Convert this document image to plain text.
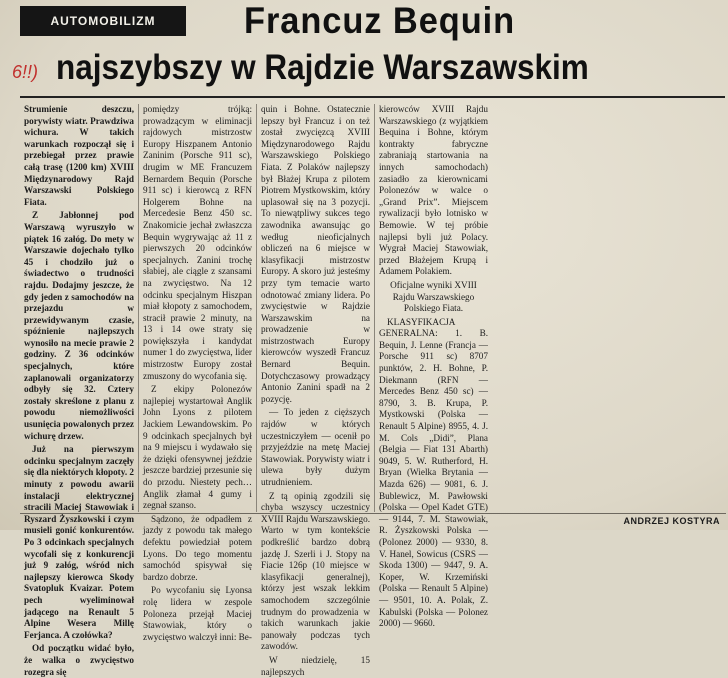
AUTOMOBILIZM	Francuz Bequin
6!!) najszybszy w Rajdzie Warszawskim

Strumienie deszczu, porywisty wiatr. Prawdziwa wichura. W takich warunkach rozpoczął się i przebiegał przez prawie całą trasę (1200 km) XVIII Międzynarodowy Rajd Warszawski Polskiego Fiata.

Z Jabłonnej pod Warszawą wyruszyło w piątek 16 załóg. Do mety w Warszawie dojechało tylko 45 i chodziło już o świadectwo o trudności rajdu. Dodajmy jeszcze, że gdy jeden z samochodów na przejazdu w przewidywanym czasie, spóźnienie najlepszych wynosiło na mecie prawie 2 godziny. Z 36 odcinków specjalnych, które zaplanowali organizatorzy odbyły się 32. Cztery zostały skreślone z planu z powodu niemożliwości usunięcia powalonych przez wichurę drzew.

Już na pierwszym odcinku specjalnym zaczęły się dla niektórych kłopoty. 2 minuty z powodu awarii instalacji elektrycznej stracili Maciej Stawowiak i Ryszard Żyszkowski i czym musieli gonić konkurentów. Po 3 odcinkach specjalnych wycofali się z konkurencji już 9 załóg, wśród nich najlepszy kierowca Skody Svatopluk Kvaizar. Potem pech wyeliminował jadącego na Renault 5 Alpine Wesera Millę Ferjanca. A czołówka?

Od początku widać było, że walka o zwycięstwo rozegra się

pomiędzy trójką: prowadzącym w eliminacji rajdowych mistrzostw Europy Hiszpanem Antonio Zaninim (Porsche 911 sc), drugim w ME Francuzem Bernardem Bequin (Porsche 911 sc) i kierowcą z RFN Holgerem Bohne na Mercedesie Benz 450 sc. Znakomicie jechał zwłaszcza Bequin wygrywając aż 11 z pierwszych 20 odcinków specjalnych. Zanini trochę słabiej, ale ciągle z szansami na zwycięstwo. Na 12 odcinku specjalnym Hiszpan miał kłopoty z samochodem, stracił prawie 2 minuty, na 13 i 14 owe straty się powiększyła i kandydat numer 1 do zwycięstwa, lider mistrzostw Europy został zmuszony do wycofania się.

Z ekipy Polonezów najlepiej wystartował Anglik John Lyons z pilotem Jackiem Lewandowskim. Po 9 odcinkach specjalnych był na 9 miejscu i wydawało się że dzięki ofensywnej jeździe jeszcze bardziej przesunie się do przodu. Niestety pech… Anglik złamał 4 gumy i zegnał szanso.

Sądzono, że odpadłem z jazdy z powodu tak małego defektu powiedział potem Lyons. Do tego momentu samochód spisywał się bardzo dobrze.

Po wycofaniu się Lyonsa rolę lidera w zespole Poloneza przejął Maciej Stawowiak, który o zwycięstwo walczył inni: Be-

quin i Bohne. Ostatecznie lepszy był Francuz i on też został zwycięzcą XVIII Międzynarodowego Rajdu Warszawskiego Polskiego Fiata. Z Polaków najlepszy był Błażej Krupa z pilotem Piotrem Mystkowskim, który uplasował się na 3 pozycji. To niewątpliwy sukces tego zawodnika awansując go według nieoficjalnych obliczeń na 6 miejsce w klasyfikacji mistrzostw Europy. A skoro już jesteśmy przy tym temacie warto odnotować zmiany lidera. Po zwycięstwie w Rajdzie Warszawskim na prowadzenie w mistrzostwach Europy kierowców wyszedł Francuz Bernard Bequin. Dotychczasowy prowadzący Antonio Zanini spadł na 2 pozycję.

— To jeden z cięższych rajdów w których uczestniczyłem — ocenił po przyjeździe na metę Maciej Stawowiak. Porywisty wiatr i ulewa były dużym utrudnieniem.

Z tą opinią zgodzili się chyba wszyscy uczestnicy XVIII Rajdu Warszawskiego. Warto w tym kontekście podkreślić bardzo dobrą jazdę J. Szerli i J. Stopy na Fiacie 126p (10 miejsce w klasyfikacji generalnej), którzy jest wszak lekkim samochodem szczególnie trudnym do prowadzenia w takich warunkach jakie panowały podczas tych zawodów.

W niedzielę, 15 najlepszych

kierowców XVIII Rajdu Warszawskiego (z wyjątkiem Bequina i Bohne, którym kontrakty fabryczne zabraniają startowania na innych samochodach) zasiadło za kierownicami Polonezów w walce o „Grand Prix”. Miejscem rywalizacji było lotnisko w Bemowie. W tej próbie najlepsi byli już Polacy. Wygrał Maciej Stawowiak, przed Błażejem Krupą i Adamem Polakiem.

Oficjalne wyniki XVIII Rajdu Warszawskiego Polskiego Fiata.

KLASYFIKACJA GENERALNA: 1. B. Bequin, J. Lenne (Francja — Porsche 911 sc) 8707 punktów, 2. H. Bohne, P. Diekmann (RFN — Mercedes Benz 450 sc) — 8790, 3. B. Krupa, P. Mystkowski (Polska — Renault 5 Alpine) 8955, 4. J. M. Cols „Didi”, Plana (Belgia — Fiat 131 Abarth) 9049, 5. W. Rutherford, H. Bryan (Wielka Brytania — Mazda 626) — 9081, 6. J. Bublewicz, M. Pawłowski (Polska — Opel Kadet GTE) — 9144, 7. M. Stawowiak, R. Żyszkowski Polska — (Polonez 2000) — 9330, 8. V. Hanel, Sowicus (CSRS — Skoda 1300) — 9447, 9. A. Koper, W. Krzemiński (Polska — Renault 5 Alpine) — 9501, 10. A. Polak, Z. Kabulski (Polska — Polonez 2000) — 9660.

ANDRZEJ KOSTYRA
